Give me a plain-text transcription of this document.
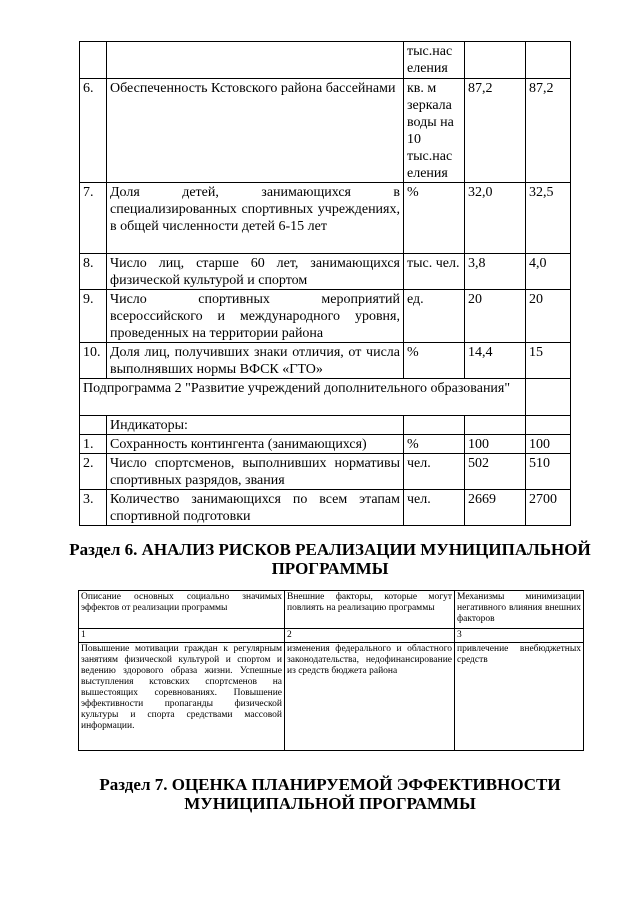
		тыс.нас еления		
6.	Обеспеченность Кстовского района бассейнами	кв. м зеркала воды на 10 тыс.нас еления	87,2	87,2
7.	Доля детей, занимающихся в специализированных спортивных учреждениях, в общей численности детей 6-15 лет	%	32,0	32,5
8.	Число лиц, старше 60 лет, занимающихся физической культурой и спортом	тыс. чел.	3,8	4,0
9.	Число спортивных мероприятий всероссийского и международного уровня, проведенных на территории района	ед.	20	20
10.	Доля лиц, получивших знаки отличия, от числа выполнявших нормы ВФСК «ГТО»	%	14,4	15
Подпрограмма 2 "Развитие учреждений дополнительного образования"				
	Индикаторы:			
1.	Сохранность контингента (занимающихся)	%	100	100
2.	Число спортсменов, выполнивших нормативы спортивных разрядов, звания	чел.	502	510
3.	Количество занимающихся по всем этапам спортивной подготовки	чел.	2669	2700
Раздел 6. АНАЛИЗ РИСКОВ РЕАЛИЗАЦИИ МУНИЦИПАЛЬНОЙ ПРОГРАММЫ
Описание основных социально значимых эффектов от реализации программы	Внешние факторы, которые могут повлиять на реализацию программы	Механизмы минимизации негативного влияния внешних факторов
1	2	3
Повышение мотивации граждан к регулярным занятиям физической культурой и спортом и ведению здорового образа жизни. Успешные выступления кстовских спортсменов на вышестоящих соревнованиях. Повышение эффективности пропаганды физической культуры и спорта средствами массовой информации.	изменения федерального и областного законодательства, недофинансирование из средств бюджета района	привлечение внебюджетных средств
Раздел 7. ОЦЕНКА ПЛАНИРУЕМОЙ ЭФФЕКТИВНОСТИ МУНИЦИПАЛЬНОЙ ПРОГРАММЫ
